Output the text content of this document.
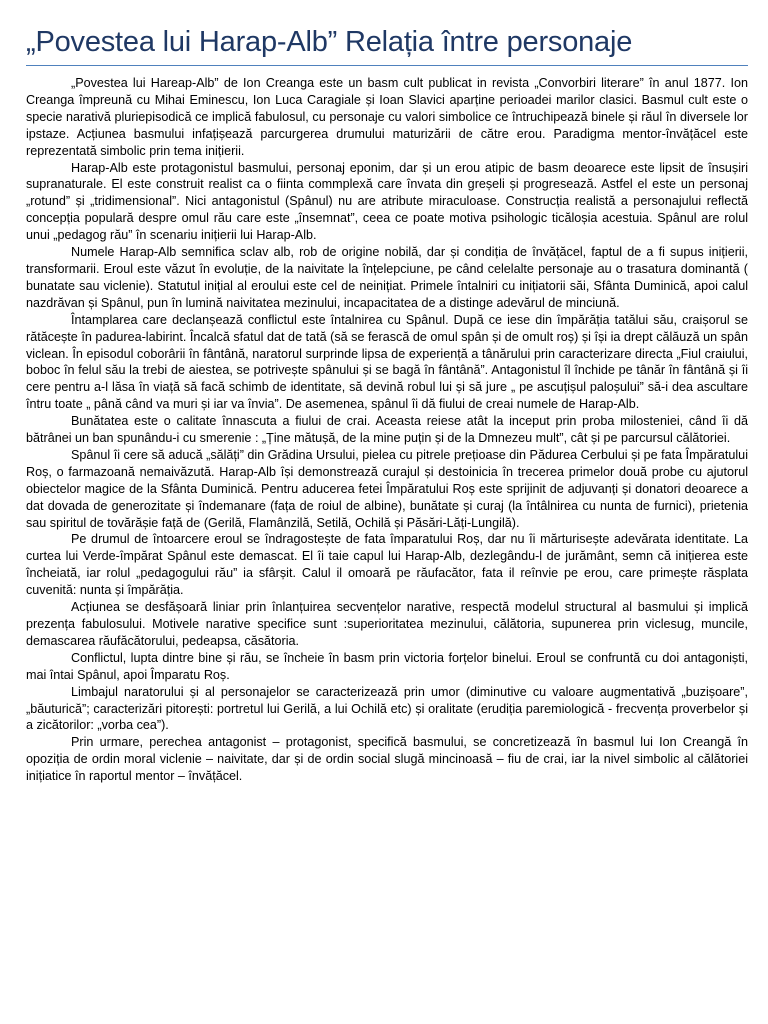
„Povestea lui Harap-Alb” Relația între personaje

„Povestea lui Hareap-Alb” de Ion Creanga este un basm cult publicat in revista „Convorbiri literare” în anul 1877. Ion Creanga împreună cu Mihai Eminescu, Ion Luca Caragiale și Ioan Slavici aparține perioadei marilor clasici. Basmul cult este o specie narativă pluriepisodică ce implică fabulosul, cu personaje cu valori simbolice ce întruchipează binele și răul în diversele lor ipstaze. Acțiunea basmului infațișează parcurgerea drumului maturizării de către erou. Paradigma mentor-învățăcel este reprezentată simbolic prin tema inițierii.

Harap-Alb este protagonistul basmului, personaj eponim, dar și un erou atipic de basm deoarece este lipsit de însușiri supranaturale. El este construit realist ca o fiinta commplexă care învata din greșeli și progresează. Astfel el este un personaj „rotund” și „tridimensional”. Nici antagonistul (Spânul) nu are atribute miraculoase. Construcția realistă a personajului reflectă concepția populară despre omul rău care este „însemnat”, ceea ce poate motiva psihologic ticăloșia acestuia. Spânul are rolul unui „pedagog rău” în scenariu inițierii lui Harap-Alb.

Numele Harap-Alb semnifica sclav alb, rob de origine nobilă, dar și condiția de învățăcel, faptul de a fi supus inițierii, transformarii. Eroul este văzut în evoluție, de la naivitate la înțelepciune, pe când celelalte personaje au o trasatura dominantă ( bunatate sau viclenie). Statutul inițial al eroului este cel de neinițiat. Primele întalniri cu inițiatorii săi, Sfânta Duminică, apoi calul nazdrăvan și Spânul, pun în lumină naivitatea mezinului, incapacitatea de a distinge adevărul de minciună.

Întamplarea care declanșează conflictul este întalnirea cu Spânul. După ce iese din împărăția tatălui său, craișorul se rătăcește în padurea-labirint. Încalcă sfatul dat de tată (să se ferască de omul spân și de omult roș) și își ia drept călăuză un spân viclean. În episodul coborârii în fântână, naratorul surprinde lipsa de experiență a tânărului prin caracterizare directa „Fiul craiului, boboc în felul său la trebi de aiestea, se potrivește spânului și se bagă în fântână”. Antagonistul îl închide pe tânăr în fântână și îi cere pentru a-l lăsa în viață să facă schimb de identitate, să devină robul lui și să jure „ pe ascuțișul paloșului” să-i dea ascultare întru toate „ până când va muri și iar va învia”. De asemenea, spânul îi dă fiului de creai numele de Harap-Alb.

Bunătatea este o calitate înnascuta a fiului de crai. Aceasta reiese atât la inceput prin proba milosteniei, când îi dă bătrânei un ban spunându-i cu smerenie : „Ține mătușă, de la mine puțin și de la Dmnezeu mult”, cât și pe parcursul călătoriei.

Spânul îi cere să aducă „sălăți” din Grădina Ursului, pielea cu pitrele prețioase din Pădurea Cerbului și pe fata Împăratului Roș, o farmazoană nemaivăzută. Harap-Alb își demonstrează curajul și destoinicia în trecerea primelor două probe cu ajutorul obiectelor magice de la Sfânta Duminică. Pentru aducerea fetei Împăratului Roș este sprijinit de adjuvanți și donatori deoarece a dat dovada de generozitate și îndemanare (fața de roiul de albine), bunătate și curaj (la întâlnirea cu nunta de furnici), prietenia sau spiritul de tovărășie față de (Gerilă, Flamânzilă, Setilă, Ochilă și Păsări-Lăți-Lungilă).

Pe drumul de întoarcere eroul se îndragostește de fata împaratului Roș, dar nu îi mărturisește adevărata identitate. La curtea lui Verde-împărat Spânul este demascat. El îi taie capul lui Harap-Alb, dezlegându-l de jurământ, semn că inițierea este încheiată, iar rolul „pedagogului rău” ia sfârșit. Calul il omoară pe răufacător, fata il reînvie pe erou, care primește răsplata cuvenită: nunta și împărăția.

Acțiunea se desfășoară liniar prin înlanțuirea secvențelor narative, respectă modelul structural al basmului și implică prezența fabulosului. Motivele narative specifice sunt :superioritatea mezinului, călătoria, supunerea prin viclesug, muncile, demascarea răufăcătorului, pedeapsa, căsătoria.

Conflictul, lupta dintre bine și rău, se încheie în basm prin victoria forțelor binelui. Eroul se confruntă cu doi antagoniști, mai întai Spânul, apoi Împaratu Roș.

Limbajul naratorului și al personajelor se caracterizează prin umor (diminutive cu valoare augmentativă „buzișoare”, „băuturică”; caracterizări pitorești: portretul lui Gerilă, a lui Ochilă etc) și oralitate (erudiția paremiologică - frecvența proverbelor și a zicătorilor: „vorba cea”).

Prin urmare, perechea antagonist – protagonist, specifică basmului, se concretizează în basmul lui Ion Creangă în opoziția de ordin moral viclenie – naivitate, dar și de ordin social slugă mincinoasă – fiu de crai, iar la nivel simbolic al călătoriei inițiatice în raportul mentor – învățăcel.
